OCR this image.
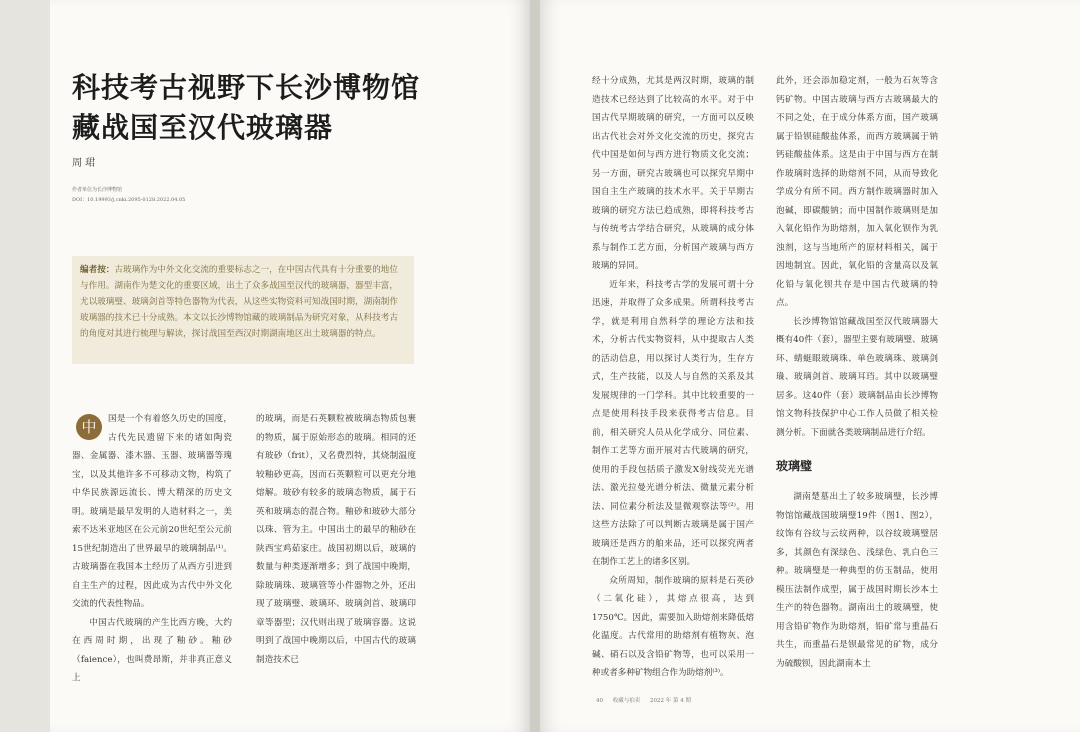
科技考古视野下长沙博物馆藏战国至汉代玻璃器
周 珺
作者单位为长沙博物馆
DOI：10.19993/j.cnki.2095-0128.2022.04.05
编者按：古玻璃作为中外文化交流的重要标志之一，在中国古代具有十分重要的地位与作用。湖南作为楚文化的重要区域，出土了众多战国至汉代的玻璃器，器型丰富，尤以玻璃璧、玻璃剑首等特色器物为代表，从这些实物资料可知战国时期，湖南制作玻璃器的技术已十分成熟。本文以长沙博物馆藏的玻璃制品为研究对象，从科技考古的角度对其进行梳理与解读，探讨战国至西汉时期湖南地区出土玻璃器的特点。
中	国是一个有着悠久历史的国度，古代先民遗留下来的诸如陶瓷器、金属器、漆木器、玉器、玻璃器等瑰宝，以及其他许多不可移动文物，构筑了中华民族源远流长、博大精深的历史文明。玻璃是最早发明的人造材料之一，美索不达米亚地区在公元前20世纪至公元前15世纪制造出了世界最早的玻璃制品⁽¹⁾。古玻璃器在我国本土经历了从西方引进到自主生产的过程，因此成为古代中外文化交流的代表性物品。

中国古代玻璃的产生比西方晚，大约在西周时期，出现了釉砂。釉砂（faience），也叫费昂斯，并非真正意义上

的玻璃，而是石英颗粒被玻璃态物质包裹的物质，属于原始形态的玻璃。相同的还有玻砂（frit），又名费烈特，其烧制温度较釉砂更高，因而石英颗粒可以更充分地熔解。玻砂有较多的玻璃态物质，属于石英和玻璃态的混合物。釉砂和玻砂大部分以珠、管为主。中国出土的最早的釉砂在陕西宝鸡茹家庄。战国初期以后，玻璃的数量与种类逐渐增多；到了战国中晚期，除玻璃珠、玻璃管等小件器物之外，还出现了玻璃璧、玻璃环、玻璃剑首、玻璃印章等器型；汉代则出现了玻璃容器。这说明到了战国中晚期以后，中国古代的玻璃制造技术已

经十分成熟，尤其是两汉时期，玻璃的制造技术已经达到了比较高的水平。对于中国古代早期玻璃的研究，一方面可以反映出古代社会对外文化交流的历史，探究古代中国是如何与西方进行物质文化交流；另一方面，研究古玻璃也可以探究早期中国自主生产玻璃的技术水平。关于早期古玻璃的研究方法已趋成熟，即将科技考古与传统考古学结合研究，从玻璃的成分体系与制作工艺方面，分析国产玻璃与西方玻璃的异同。

近年来，科技考古学的发展可谓十分迅速，并取得了众多成果。所谓科技考古学，就是利用自然科学的理论方法和技术，分析古代实物资料，从中提取古人类的活动信息，用以探讨人类行为，生存方式，生产技能，以及人与自然的关系及其发展规律的一门学科。其中比较重要的一点是使用科技手段来获得考古信息。目前，相关研究人员从化学成分、同位素、制作工艺等方面开展对古代玻璃的研究，使用的手段包括质子激发X射线荧光光谱法、激光拉曼光谱分析法、微量元素分析法、同位素分析法及显微观察法等⁽²⁾。用这些方法除了可以判断古玻璃是属于国产玻璃还是西方的舶来品，还可以探究两者在制作工艺上的诸多区别。

众所周知，制作玻璃的原料是石英砂（二氧化硅），其熔点很高，达到1750℃。因此，需要加入助熔剂来降低熔化温度。古代常用的助熔剂有植物灰、泡碱、硝石以及含铅矿物等，也可以采用一种或者多种矿物组合作为助熔剂⁽³⁾。

此外，还会添加稳定剂，一般为石灰等含钙矿物。中国古玻璃与西方古玻璃最大的不同之处，在于成分体系方面，国产玻璃属于铅钡硅酸盐体系，而西方玻璃属于钠钙硅酸盐体系。这是由于中国与西方在制作玻璃时选择的助熔剂不同，从而导致化学成分有所不同。西方制作玻璃器时加入泡碱，即碳酸钠；而中国制作玻璃则是加入氧化铅作为助熔剂，加入氧化钡作为乳浊剂，这与当地所产的原材料相关，属于因地制宜。因此，氧化铅的含量高以及氧化铅与氧化钡共存是中国古代玻璃的特点。

长沙博物馆馆藏战国至汉代玻璃器大概有40件（套），器型主要有玻璃璧、玻璃环、蜻蜓眼玻璃珠、单色玻璃珠、玻璃剑璏、玻璃剑首、玻璃耳珰。其中以玻璃璧居多。这40件（套）玻璃制品由长沙博物馆文物科技保护中心工作人员做了相关检测分析。下面就各类玻璃制品进行介绍。

玻璃璧

湖南楚墓出土了较多玻璃璧，长沙博物馆馆藏战国玻璃璧19件（图1、图2），纹饰有谷纹与云纹两种，以谷纹玻璃璧居多，其颜色有深绿色、浅绿色、乳白色三种。玻璃璧是一种典型的仿玉制品，使用模压法制作成型，属于战国时期长沙本土生产的特色器物。湖南出土的玻璃璧，使用含铅矿物作为助熔剂，铅矿常与重晶石共生，而重晶石是钡最常见的矿物，成分为硫酸钡，因此湖南本土

40 收藏与拍卖 2022 年 第 4 期
